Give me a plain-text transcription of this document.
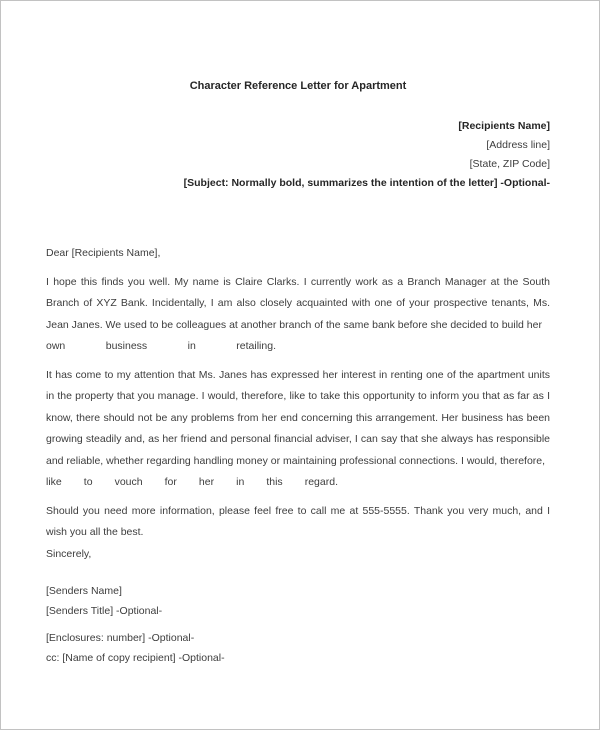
Character Reference Letter for Apartment
[Recipients Name]
[Address line]
[State, ZIP Code]
[Subject: Normally bold, summarizes the intention of the letter] -Optional-
Dear [Recipients Name],
I hope this finds you well. My name is Claire Clarks. I currently work as a Branch Manager at the South Branch of XYZ Bank. Incidentally, I am also closely acquainted with one of your prospective tenants, Ms. Jean Janes. We used to be colleagues at another branch of the same bank before she decided to build her
own business in retailing.
It has come to my attention that Ms. Janes has expressed her interest in renting one of the apartment units in the property that you manage. I would, therefore, like to take this opportunity to inform you that as far as I know, there should not be any problems from her end concerning this arrangement. Her business has been growing steadily and, as her friend and personal financial adviser, I can say that she always has responsible and reliable, whether regarding handling money or maintaining professional connections. I would, therefore,
like to vouch for her in this regard.
Should you need more information, please feel free to call me at 555-5555. Thank you very much, and I wish you all the best.
Sincerely,
[Senders Name]
[Senders Title] -Optional-
[Enclosures: number] -Optional-
cc: [Name of copy recipient] -Optional-
